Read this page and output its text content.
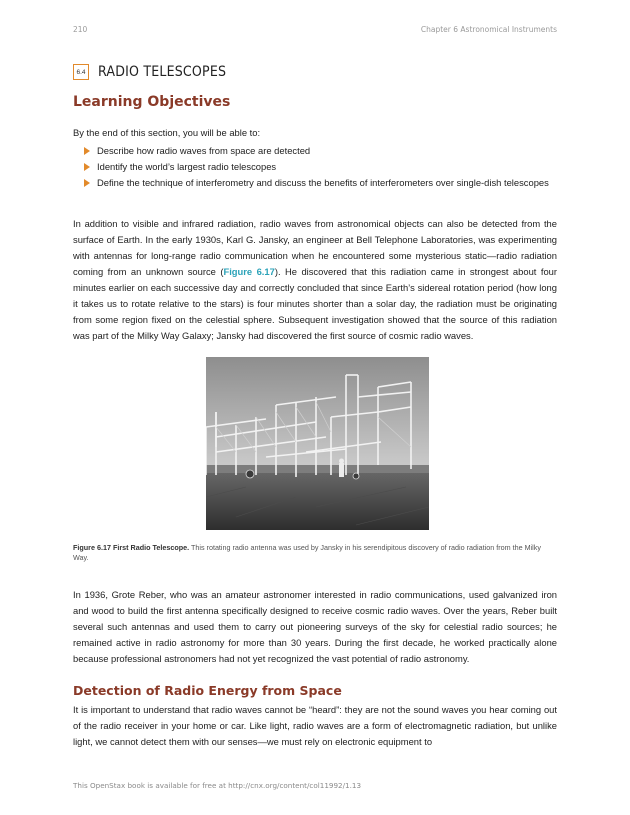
210	Chapter 6 Astronomical Instruments
6.4 RADIO TELESCOPES
Learning Objectives
By the end of this section, you will be able to:
Describe how radio waves from space are detected
Identify the world’s largest radio telescopes
Define the technique of interferometry and discuss the benefits of interferometers over single-dish telescopes
In addition to visible and infrared radiation, radio waves from astronomical objects can also be detected from the surface of Earth. In the early 1930s, Karl G. Jansky, an engineer at Bell Telephone Laboratories, was experimenting with antennas for long-range radio communication when he encountered some mysterious static—radio radiation coming from an unknown source (Figure 6.17). He discovered that this radiation came in strongest about four minutes earlier on each successive day and correctly concluded that since Earth’s sidereal rotation period (how long it takes us to rotate relative to the stars) is four minutes shorter than a solar day, the radiation must be originating from some region fixed on the celestial sphere. Subsequent investigation showed that the source of this radiation was part of the Milky Way Galaxy; Jansky had discovered the first source of cosmic radio waves.
Figure 6.17 First Radio Telescope. This rotating radio antenna was used by Jansky in his serendipitous discovery of radio radiation from the Milky Way.
In 1936, Grote Reber, who was an amateur astronomer interested in radio communications, used galvanized iron and wood to build the first antenna specifically designed to receive cosmic radio waves. Over the years, Reber built several such antennas and used them to carry out pioneering surveys of the sky for celestial radio sources; he remained active in radio astronomy for more than 30 years. During the first decade, he worked practically alone because professional astronomers had not yet recognized the vast potential of radio astronomy.
Detection of Radio Energy from Space
It is important to understand that radio waves cannot be “heard”: they are not the sound waves you hear coming out of the radio receiver in your home or car. Like light, radio waves are a form of electromagnetic radiation, but unlike light, we cannot detect them with our senses—we must rely on electronic equipment to
This OpenStax book is available for free at http://cnx.org/content/col11992/1.13
